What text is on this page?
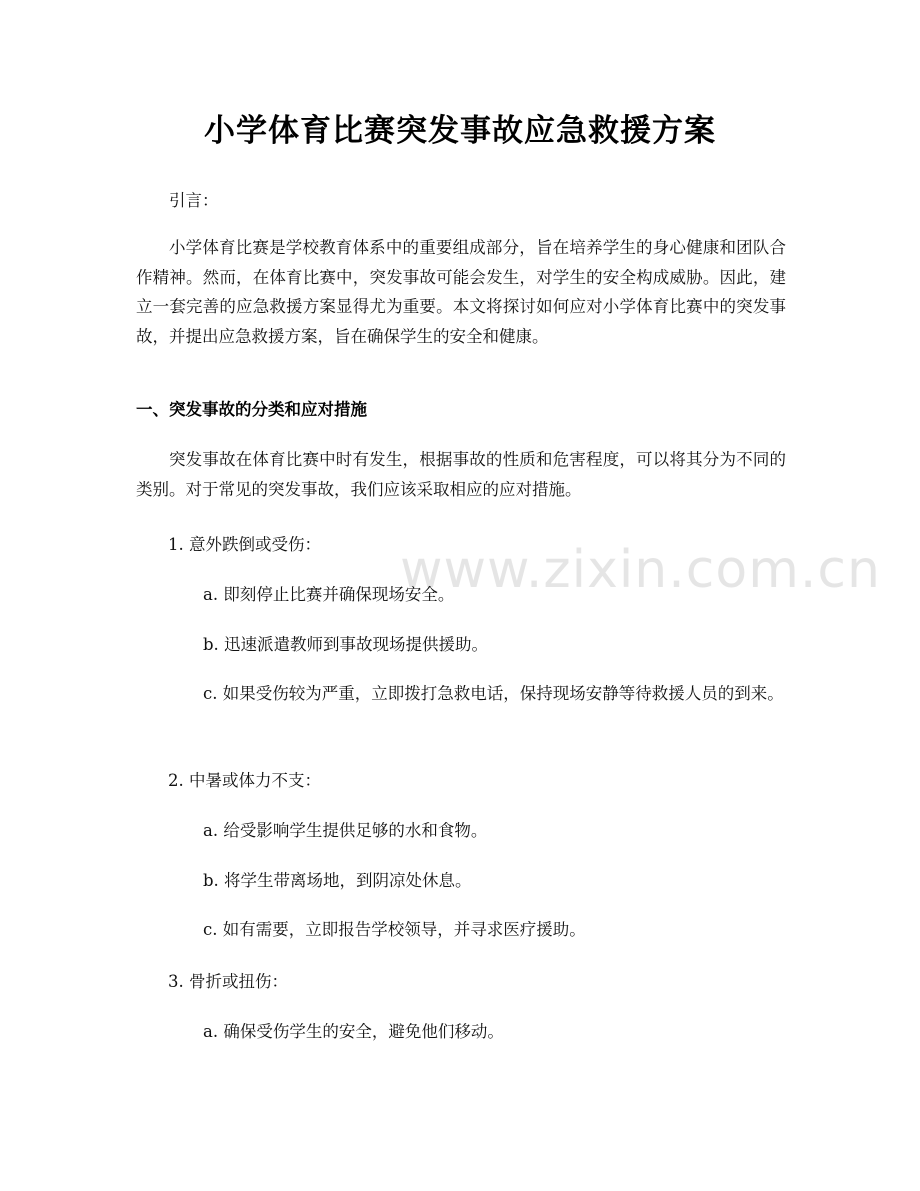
www.zixin.com.cn
小学体育比赛突发事故应急救援方案
引言：
小学体育比赛是学校教育体系中的重要组成部分，旨在培养学生的身心健康和团队合作精神。然而，在体育比赛中，突发事故可能会发生，对学生的安全构成威胁。因此，建立一套完善的应急救援方案显得尤为重要。本文将探讨如何应对小学体育比赛中的突发事故，并提出应急救援方案，旨在确保学生的安全和健康。
一、突发事故的分类和应对措施
突发事故在体育比赛中时有发生，根据事故的性质和危害程度，可以将其分为不同的类别。对于常见的突发事故，我们应该采取相应的应对措施。
1. 意外跌倒或受伤：
a. 即刻停止比赛并确保现场安全。
b. 迅速派遣教师到事故现场提供援助。
c. 如果受伤较为严重，立即拨打急救电话，保持现场安静等待救援人员的到来。
2. 中暑或体力不支：
a. 给受影响学生提供足够的水和食物。
b. 将学生带离场地，到阴凉处休息。
c. 如有需要，立即报告学校领导，并寻求医疗援助。
3. 骨折或扭伤：
a. 确保受伤学生的安全，避免他们移动。
